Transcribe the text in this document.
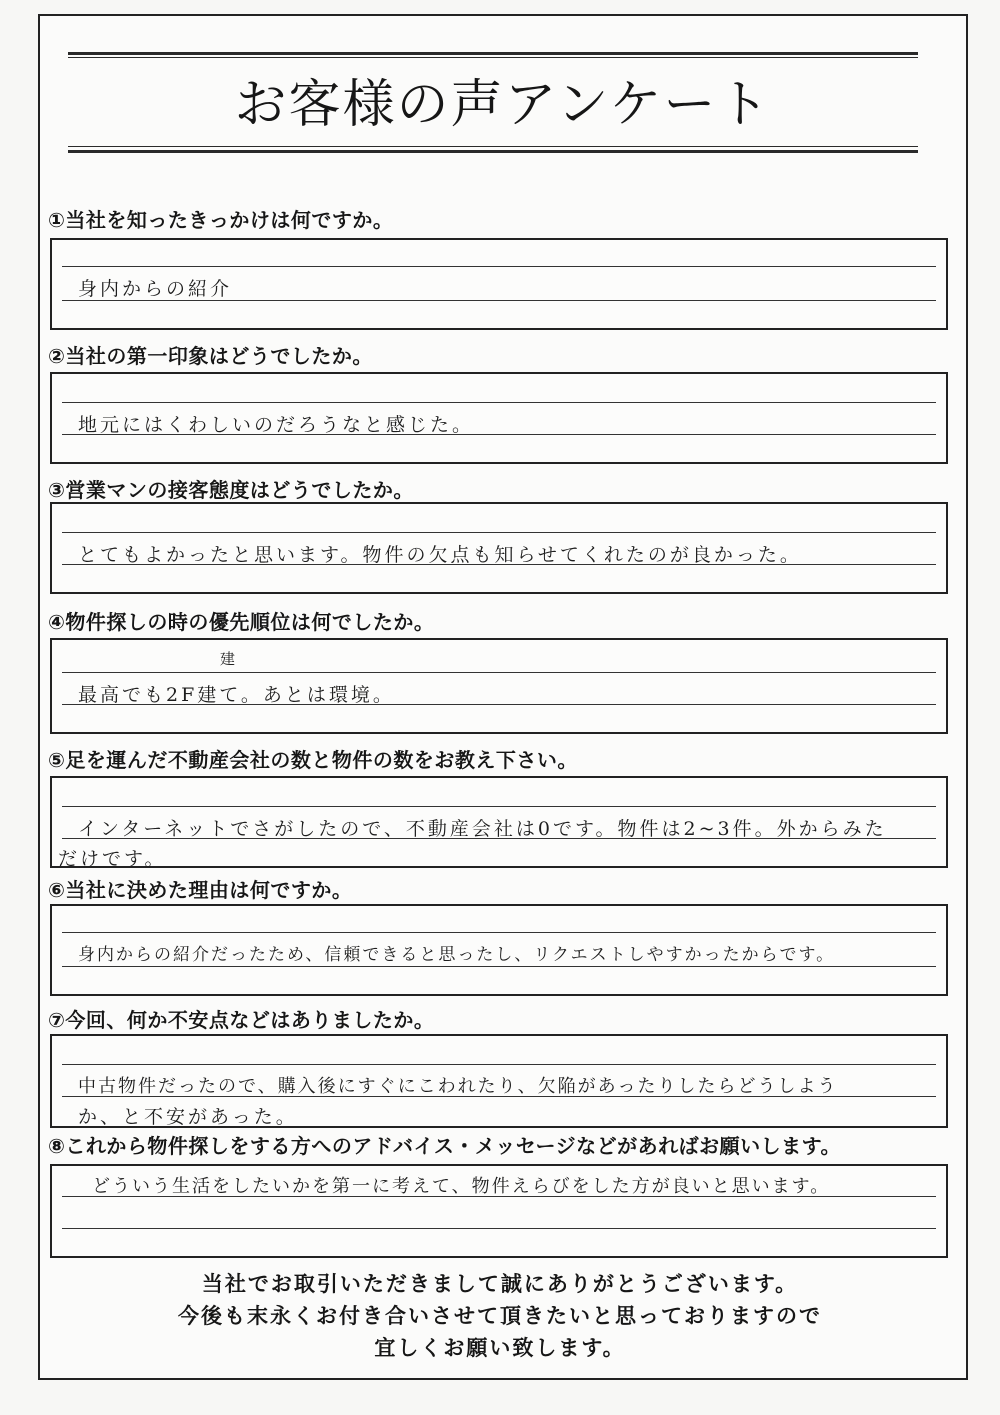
お客様の声アンケート
①当社を知ったきっかけは何ですか。
身内からの紹介
②当社の第一印象はどうでしたか。
地元にはくわしいのだろうなと感じた。
③営業マンの接客態度はどうでしたか。
とてもよかったと思います。物件の欠点も知らせてくれたのが良かった。
④物件探しの時の優先順位は何でしたか。
建
最高でも2F建て。あとは環境。
⑤足を運んだ不動産会社の数と物件の数をお教え下さい。
インターネットでさがしたので、不動産会社は0です。物件は2~3件。外からみた
だけです。
⑥当社に決めた理由は何ですか。
身内からの紹介だったため、信頼できると思ったし、リクエストしやすかったからです。
⑦今回、何か不安点などはありましたか。
中古物件だったので、購入後にすぐにこわれたり、欠陥があったりしたらどうしよう
か、と不安があった。
⑧これから物件探しをする方へのアドバイス・メッセージなどがあればお願いします。
どういう生活をしたいかを第一に考えて、物件えらびをした方が良いと思います。
当社でお取引いただきまして誠にありがとうございます。
今後も末永くお付き合いさせて頂きたいと思っておりますので
宜しくお願い致します。
